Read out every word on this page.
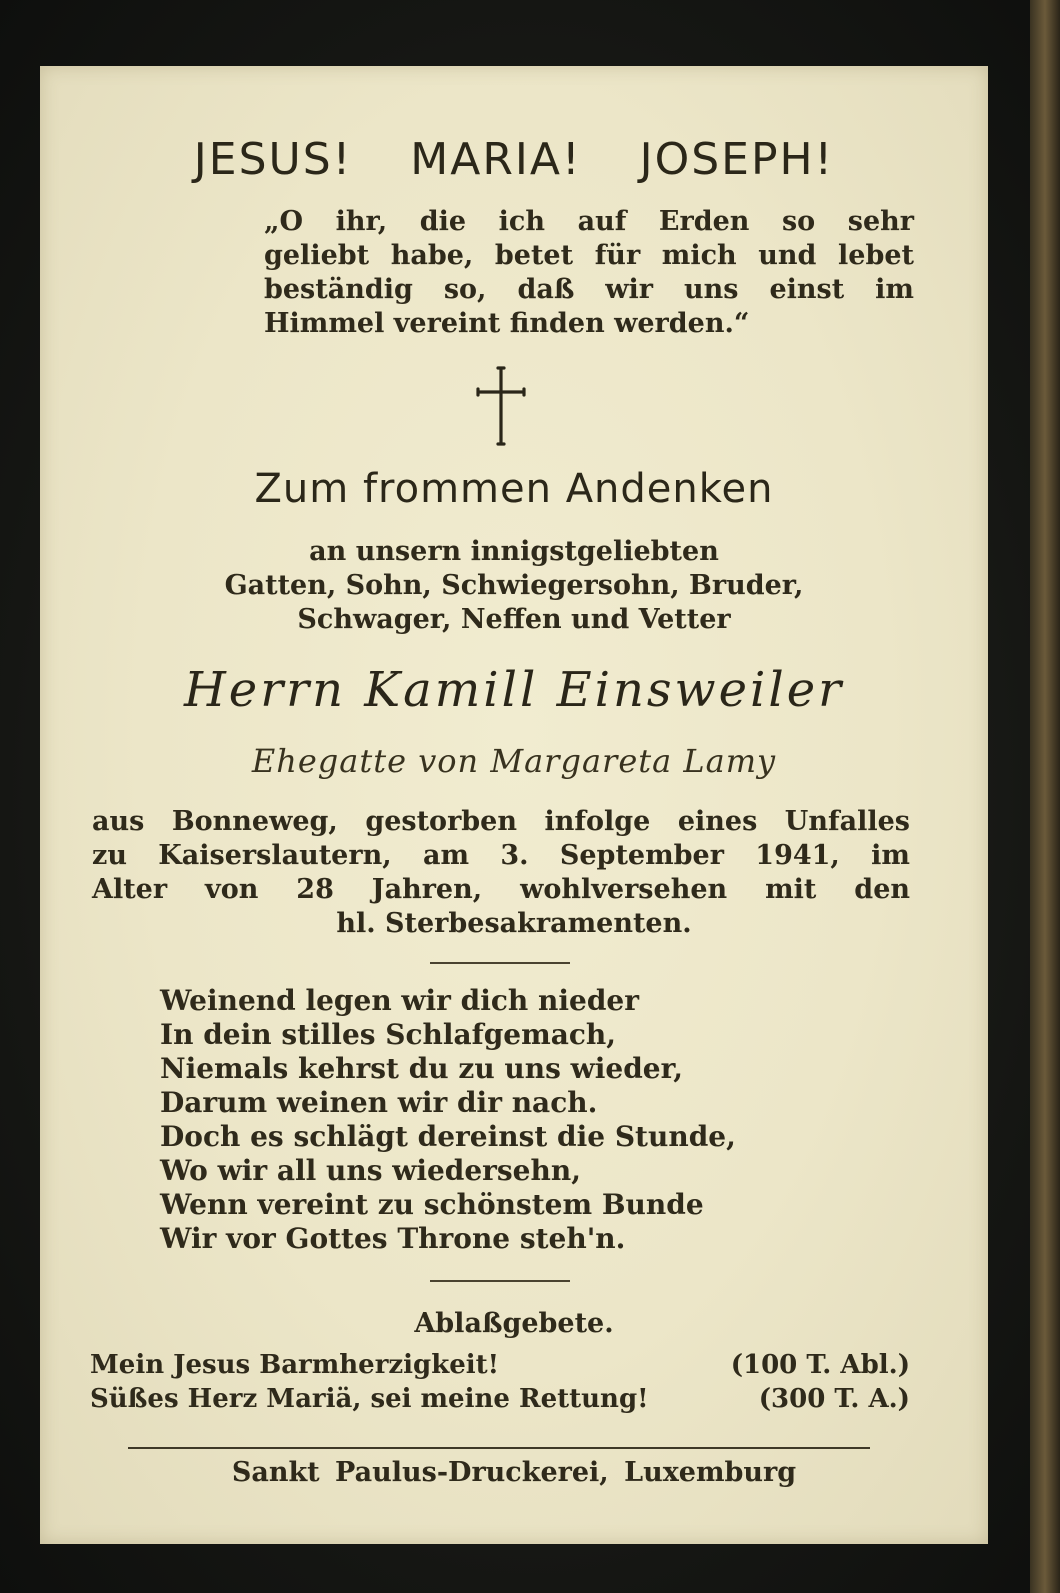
JESUS! MARIA! JOSEPH!
„O ihr, die ich auf Erden so sehr
geliebt habe, betet für mich und lebet
beständig so, daß wir uns einst im
Himmel vereint finden werden.“
Zum frommen Andenken
an unsern innigstgeliebten
Gatten, Sohn, Schwiegersohn, Bruder,
Schwager, Neffen und Vetter
Herrn Kamill Einsweiler
Ehegatte von Margareta Lamy
aus Bonneweg, gestorben infolge eines Unfalles
zu Kaiserslautern, am 3. September 1941, im
Alter von 28 Jahren, wohlversehen mit den
hl. Sterbesakramenten.
Weinend legen wir dich nieder
In dein stilles Schlafgemach,
Niemals kehrst du zu uns wieder,
Darum weinen wir dir nach.
Doch es schlägt dereinst die Stunde,
Wo wir all uns wiedersehn,
Wenn vereint zu schönstem Bunde
Wir vor Gottes Throne steh'n.
Ablaßgebete.
Mein Jesus Barmherzigkeit!	(100 T. Abl.)
Süßes Herz Mariä, sei meine Rettung!	(300 T. A.)
Sankt Paulus-Druckerei, Luxemburg
